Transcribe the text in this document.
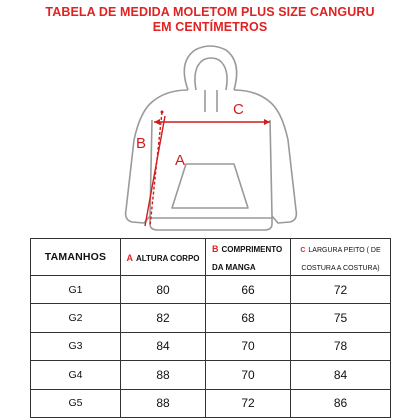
TABELA DE MEDIDA MOLETOM PLUS SIZE CANGURU
EM CENTÍMETROS
A
B
C
TAMANHOS	A ALTURA CORPO	B COMPRIMENTO DA MANGA	C LARGURA PEITO ( DE COSTURA A COSTURA)
G1	80	66	72
G2	82	68	75
G3	84	70	78
G4	88	70	84
G5	88	72	86
